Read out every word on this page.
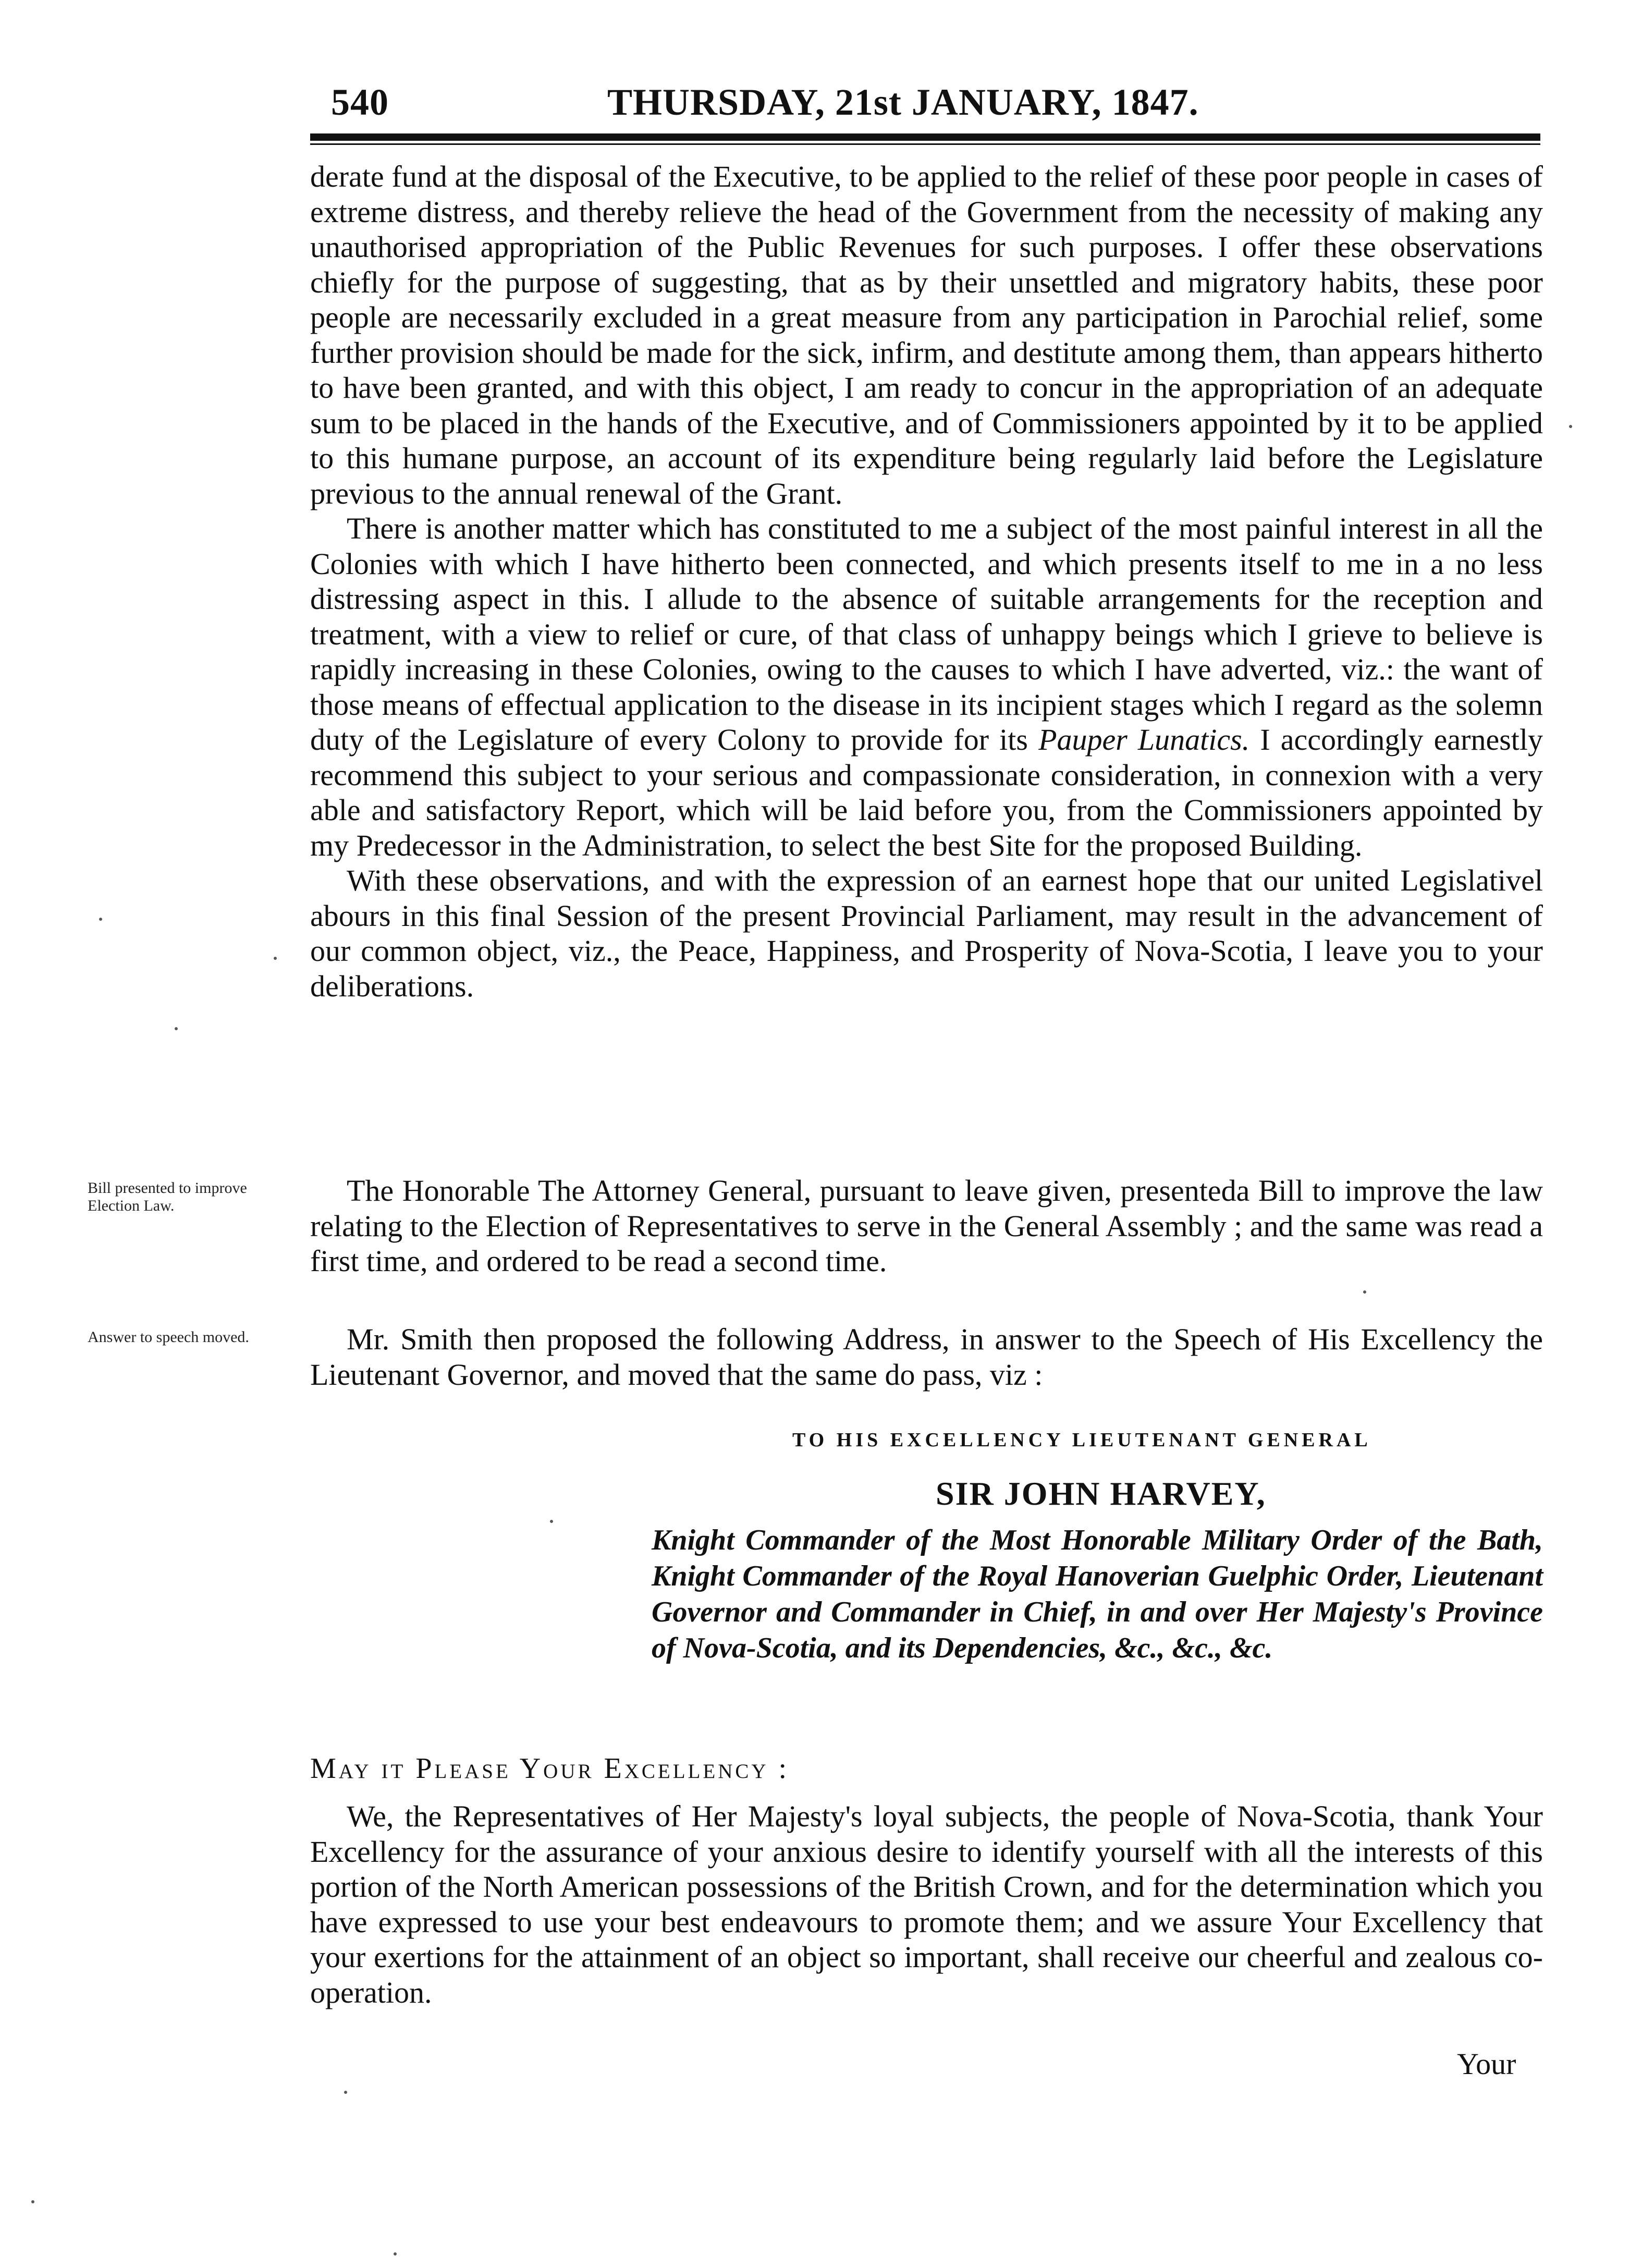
540	THURSDAY, 21st JANUARY, 1847.

derate fund at the disposal of the Executive, to be applied to the relief of these poor people in cases of extreme distress, and thereby relieve the head of the Government from the necessity of making any unauthorised appropriation of the Public Revenues for such purposes. I offer these observations chiefly for the purpose of suggesting, that as by their unsettled and migratory habits, these poor people are necessarily excluded in a great measure from any participation in Parochial relief, some further provision should be made for the sick, infirm, and destitute among them, than appears hitherto to have been granted, and with this object, I am ready to concur in the appropriation of an adequate sum to be placed in the hands of the Executive, and of Commissioners appointed by it to be applied to this humane purpose, an account of its expenditure being regularly laid before the Legislature previous to the annual renewal of the Grant.

There is another matter which has constituted to me a subject of the most painful interest in all the Colonies with which I have hitherto been connected, and which presents itself to me in a no less distressing aspect in this. I allude to the absence of suitable arrangements for the reception and treatment, with a view to relief or cure, of that class of unhappy beings which I grieve to believe is rapidly increasing in these Colonies, owing to the causes to which I have adverted, viz.: the want of those means of effectual application to the disease in its incipient stages which I regard as the solemn duty of the Legislature of every Colony to provide for its Pauper Lunatics. I accordingly earnestly recommend this subject to your serious and compassionate consideration, in connexion with a very able and satisfactory Report, which will be laid before you, from the Commissioners appointed by my Predecessor in the Administration, to select the best Site for the proposed Building.

With these observations, and with the expression of an earnest hope that our united Legislativel abours in this final Session of the present Provincial Parliament, may result in the advancement of our common object, viz., the Peace, Happiness, and Prosperity of Nova-Scotia, I leave you to your deliberations.

Bill presented to improve Election Law.	The Honorable The Attorney General, pursuant to leave given, presenteda Bill to improve the law relating to the Election of Representatives to serve in the General Assembly ; and the same was read a first time, and ordered to be read a second time.

Answer to speech moved.	Mr. Smith then proposed the following Address, in answer to the Speech of His Excellency the Lieutenant Governor, and moved that the same do pass, viz :

TO HIS EXCELLENCY LIEUTENANT GENERAL
SIR JOHN HARVEY,
Knight Commander of the Most Honorable Military Order of the Bath, Knight Commander of the Royal Hanoverian Guelphic Order, Lieutenant Governor and Commander in Chief, in and over Her Majesty's Province of Nova-Scotia, and its Dependencies, &c., &c., &c.
May it Please Your Excellency :

We, the Representatives of Her Majesty's loyal subjects, the people of Nova-Scotia, thank Your Excellency for the assurance of your anxious desire to identify yourself with all the interests of this portion of the North American possessions of the British Crown, and for the determination which you have expressed to use your best endeavours to promote them; and we assure Your Excellency that your exertions for the attainment of an object so important, shall receive our cheerful and zealous co-operation.

Your
